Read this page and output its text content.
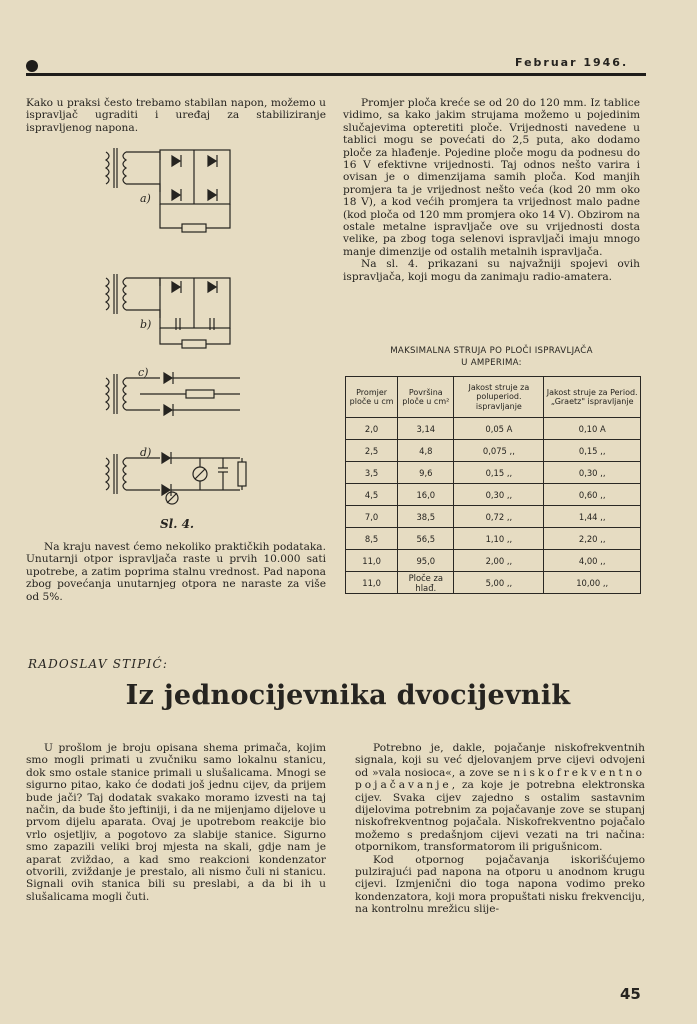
Februar 1946.

Kako u praksi često trebamo stabilan napon, možemo u ispravljač ugraditi i uređaj za stabiliziranje ispravljenog napona.

a)
b)
c)
d)
Sl. 4.

Na kraju navest ćemo nekoliko praktičkih podataka. Unutarnji otpor ispravljača raste u prvih 10.000 sati upotrebe, a zatim poprima stalnu vrednost. Pad napona zbog povećanja unutarnjeg otpora ne naraste za više od 5%.

Promjer ploča kreće se od 20 do 120 mm. Iz tablice vidimo, sa kako jakim strujama možemo u pojedinim slučajevima opteretiti ploče. Vrijednosti navedene u tablici mogu se povećati do 2,5 puta, ako dodamo ploče za hlađenje. Pojedine ploče mogu da podnesu do 16 V efektivne vrijednosti. Taj odnos nešto varira i ovisan je o dimenzijama samih ploča. Kod manjih promjera ta je vrijednost nešto veća (kod 20 mm oko 18 V), a kod većih promjera ta vrijednost malo padne (kod ploča od 120 mm promjera oko 14 V). Obzirom na ostale metalne ispravljače ove su vrijednosti dosta velike, pa zbog toga selenovi ispravljači imaju mnogo manje dimenzije od ostalih metalnih ispravljača.

Na sl. 4. prikazani su najvažniji spojevi ovih ispravljača, koji mogu da zanimaju radio-amatera.

MAKSIMALNA STRUJA PO PLOČI ISPRAVLJAČA
U AMPERIMA:
Promjer ploče u cm	Površina ploče u cm²	Jakost struje za poluperiod. ispravljanje	Jakost struje za Period. „Graetz" ispravljanje
2,0	3,14	0,05 A	0,10 A
2,5	4,8	0,075 ,,	0,15 ,,
3,5	9,6	0,15 ,,	0,30 ,,
4,5	16,0	0,30 ,,	0,60 ,,
7,0	38,5	0,72 ,,	1,44 ,,
8,5	56,5	1,10 ,,	2,20 ,,
11,0	95,0	2,00 ,,	4,00 ,,
11,0	Ploče za hlađ.	5,00 ,,	10,00 ,,
RADOSLAV STIPIĆ:
Iz jednocijevnika dvocijevnik

U prošlom je broju opisana shema primača, kojim smo mogli primati u zvučniku samo lokalnu stanicu, dok smo ostale stanice primali u slušalicama. Mnogi se sigurno pitao, kako će dodati još jednu cijev, da prijem bude jači? Taj dodatak svakako moramo izvesti na taj način, da bude što jeftiniji, i da ne mijenjamo dijelove u prvom dijelu aparata. Ovaj je upotrebom reakcije bio vrlo osjetljiv, a pogotovo za slabije stanice. Sigurno smo zapazili veliki broj mjesta na skali, gdje nam je aparat zviždao, a kad smo reakcioni kondenzator otvorili, zviždanje je prestalo, ali nismo čuli ni stanicu. Signali ovih stanica bili su preslabi, a da bi ih u slušalicama mogli čuti.

Potrebno je, dakle, pojačanje niskofrekventnih signala, koji su već djelovanjem prve cijevi odvojeni od »vala nosioca«, a zove se niskofrekventno pojačavanje, za koje je potrebna elektronska cijev. Svaka cijev zajedno s ostalim sastavnim dijelovima potrebnim za pojačavanje zove se stupanj niskofrekventnog pojačala. Niskofrekventno pojačalo možemo s predašnjom cijevi vezati na tri načina: otpornikom, transformatorom ili prigušnicom.

Kod otpornog pojačavanja iskorišćujemo pulzirajući pad napona na otporu u anodnom krugu cijevi. Izmjenični dio toga napona vodimo preko kondenzatora, koji mora propuštati nisku frekvenciju, na kontrolnu mrežicu slije-

45
